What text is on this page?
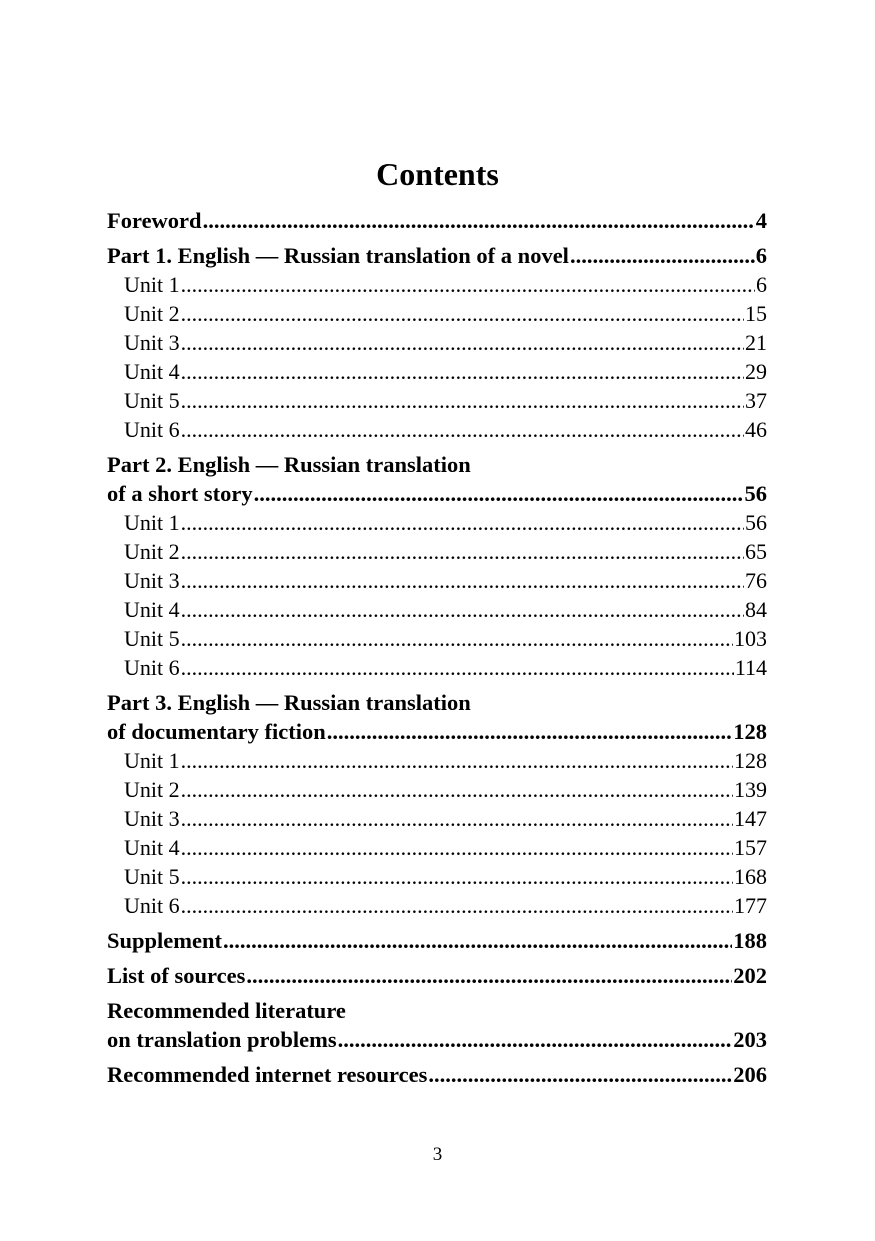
Contents
Foreword .....	4
Part 1. English — Russian translation of a novel .....	6
Unit 1 .....	6
Unit 2 .....	15
Unit 3 .....	21
Unit 4 .....	29
Unit 5 .....	37
Unit 6 .....	46
Part 2. English — Russian translation
of a short story .....	56
Unit 1 .....	56
Unit 2 .....	65
Unit 3 .....	76
Unit 4 .....	84
Unit 5 .....	103
Unit 6 .....	114
Part 3. English — Russian translation
of documentary fiction .....	128
Unit 1 .....	128
Unit 2 .....	139
Unit 3 .....	147
Unit 4 .....	157
Unit 5 .....	168
Unit 6 .....	177
Supplement .....	188
List of sources .....	202
Recommended literature
on translation problems .....	203
Recommended internet resources .....	206
3
